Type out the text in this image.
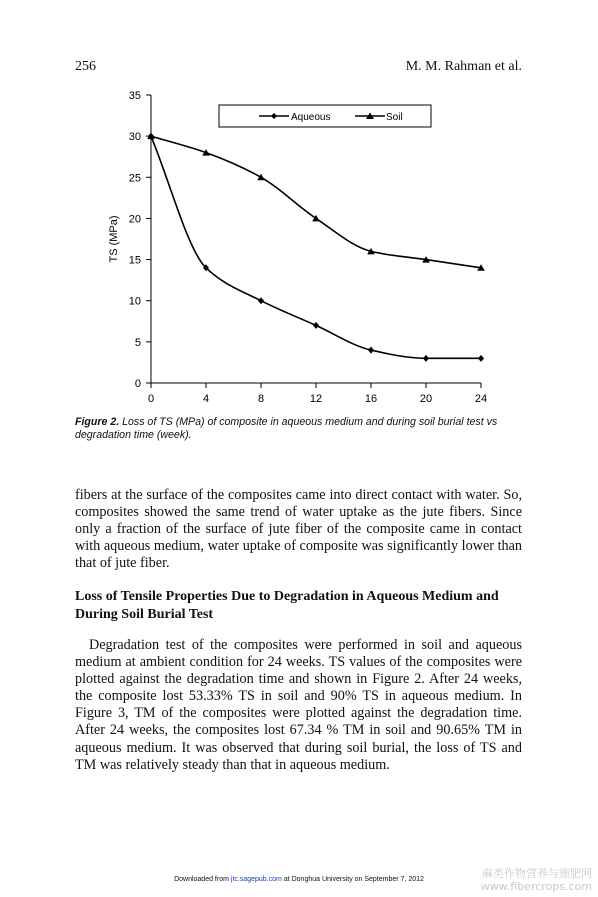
256	M. M. Rahman et al.
0
5
10
15
20
25
30
35
0	4	8	12	16	20	24
TS (MPa)
Aqueous	Soil
Figure 2. Loss of TS (MPa) of composite in aqueous medium and during soil burial test vs degradation time (week).
fibers at the surface of the composites came into direct contact with water. So, composites showed the same trend of water uptake as the jute fibers. Since only a fraction of the surface of jute fiber of the composite came in contact with aqueous medium, water uptake of composite was significantly lower than that of jute fiber.
Loss of Tensile Properties Due to Degradation in Aqueous Medium and During Soil Burial Test
Degradation test of the composites were performed in soil and aqueous medium at ambient condition for 24 weeks. TS values of the composites were plotted against the degradation time and shown in Figure 2. After 24 weeks, the composite lost 53.33% TS in soil and 90% TS in aqueous medium. In Figure 3, TM of the composites were plotted against the degradation time. After 24 weeks, the composites lost 67.34 % TM in soil and 90.65% TM in aqueous medium. It was observed that during soil burial, the loss of TS and TM was relatively steady than that in aqueous medium.
Downloaded from jtc.sagepub.com at Donghua University on September 7, 2012	麻类作物营养与施肥网
www.fibercrops.com
